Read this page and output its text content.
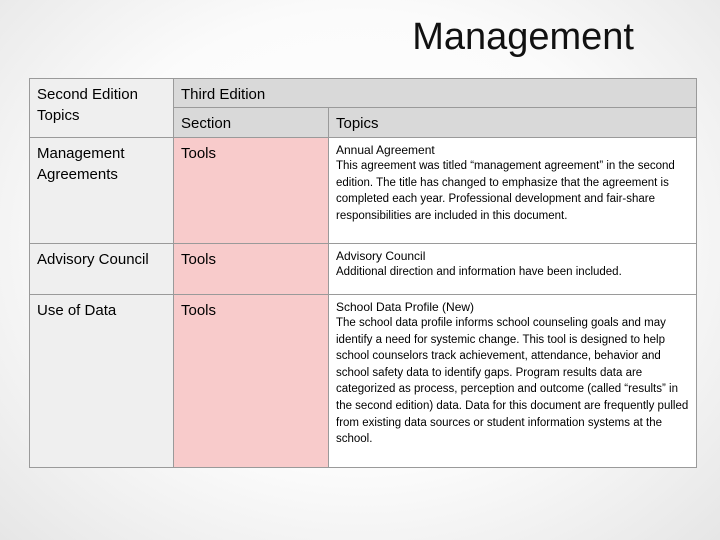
Management
Second Edition Topics	Third Edition	

	Section	Topics

Management Agreements	Tools	Annual Agreement
This agreement was titled “management agreement” in the second edition. The title has changed to emphasize that the agreement is completed each year. Professional development and fair-share responsibilities are included in this document.

Advisory Council	Tools	Advisory Council
Additional direction and information have been included.

Use of Data	Tools	School Data Profile (New)
The school data profile informs school counseling goals and may identify a need for systemic change. This tool is designed to help school counselors track achievement, attendance, behavior and school safety data to identify gaps. Program results data are categorized as process, perception and outcome (called “results” in the second edition) data. Data for this document are frequently pulled from existing data sources or student information systems at the school.
